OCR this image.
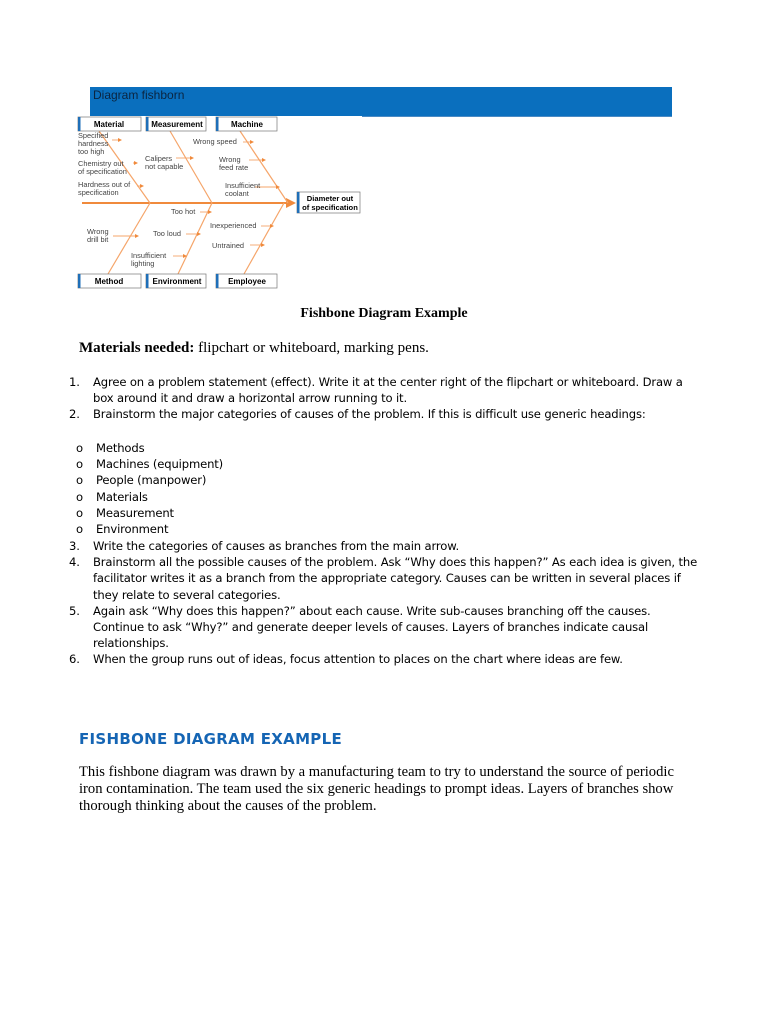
Diagram fishborn
Material	Measurement	Machine
Method	Environment	Employee
Diameter out
of specification
Specified hardness too high
Chemistry out of specification
Hardness out of specification
Calipers not capable
Wrong speed
Wrong feed rate
Insufficient coolant
Too hot
Too loud
Wrong drill bit
Insufficient lighting
Inexperienced
Untrained
Fishbone Diagram Example
Materials needed: flipchart or whiteboard, marking pens.
1. Agree on a problem statement (effect). Write it at the center right of the flipchart or whiteboard. Draw a box around it and draw a horizontal arrow running to it.
2. Brainstorm the major categories of causes of the problem. If this is difficult use generic headings:
o Methods
o Machines (equipment)
o People (manpower)
o Materials
o Measurement
o Environment
3. Write the categories of causes as branches from the main arrow.
4. Brainstorm all the possible causes of the problem. Ask “Why does this happen?” As each idea is given, the facilitator writes it as a branch from the appropriate category. Causes can be written in several places if they relate to several categories.
5. Again ask “Why does this happen?” about each cause. Write sub-causes branching off the causes. Continue to ask “Why?” and generate deeper levels of causes. Layers of branches indicate causal relationships.
6. When the group runs out of ideas, focus attention to places on the chart where ideas are few.
FISHBONE DIAGRAM EXAMPLE
This fishbone diagram was drawn by a manufacturing team to try to understand the source of periodic iron contamination. The team used the six generic headings to prompt ideas. Layers of branches show thorough thinking about the causes of the problem.
